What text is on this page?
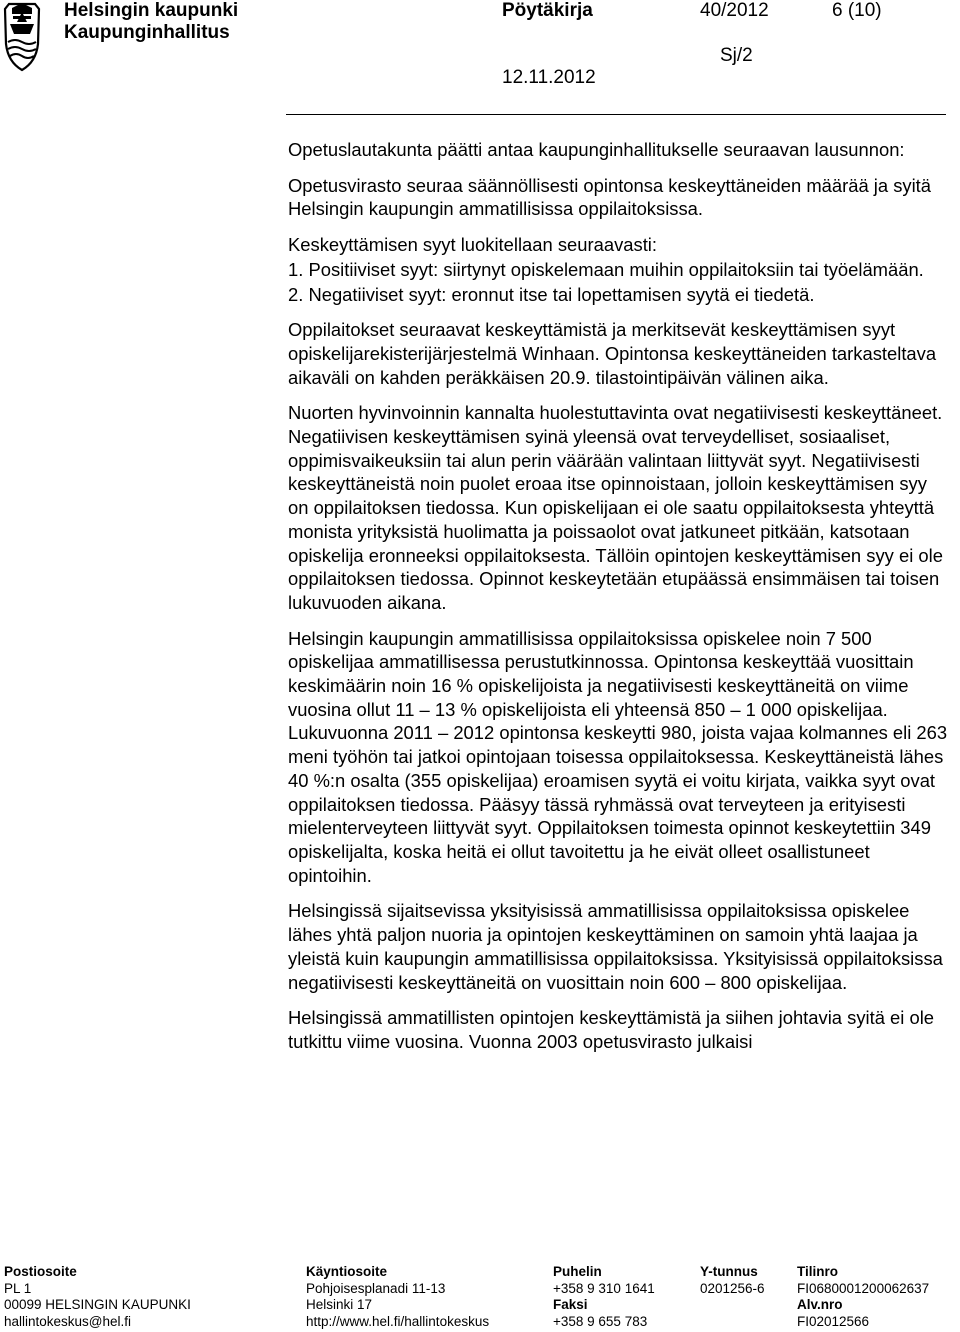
Helsingin kaupunki
Kaupunginhallitus
Pöytäkirja	40/2012	6 (10)
Sj/2
12.11.2012

Opetuslautakunta päätti antaa kaupunginhallitukselle seuraavan lausunnon:

Opetusvirasto seuraa säännöllisesti opintonsa keskeyttäneiden määrää ja syitä Helsingin kaupungin ammatillisissa oppilaitoksissa.

Keskeyttämisen syyt luokitellaan seuraavasti:

1. Positiiviset syyt: siirtynyt opiskelemaan muihin oppilaitoksiin tai työelämään.

2. Negatiiviset syyt: eronnut itse tai lopettamisen syytä ei tiedetä.

Oppilaitokset seuraavat keskeyttämistä ja merkitsevät keskeyttämisen syyt opiskelijarekisterijärjestelmä Winhaan. Opintonsa keskeyttäneiden tarkasteltava aikaväli on kahden peräkkäisen 20.9. tilastointipäivän välinen aika.

Nuorten hyvinvoinnin kannalta huolestuttavinta ovat negatiivisesti keskeyttäneet. Negatiivisen keskeyttämisen syinä yleensä ovat terveydelliset, sosiaaliset, oppimisvaikeuksiin tai alun perin väärään valintaan liittyvät syyt. Negatiivisesti keskeyttäneistä noin puolet eroaa itse opinnoistaan, jolloin keskeyttämisen syy on oppilaitoksen tiedossa. Kun opiskelijaan ei ole saatu oppilaitoksesta yhteyttä monista yrityksistä huolimatta ja poissaolot ovat jatkuneet pitkään, katsotaan opiskelija eronneeksi oppilaitoksesta. Tällöin opintojen keskeyttämisen syy ei ole oppilaitoksen tiedossa. Opinnot keskeytetään etupäässä ensimmäisen tai toisen lukuvuoden aikana.

Helsingin kaupungin ammatillisissa oppilaitoksissa opiskelee noin 7 500 opiskelijaa ammatillisessa perustutkinnossa. Opintonsa keskeyttää vuosittain keskimäärin noin 16 % opiskelijoista ja negatiivisesti keskeyttäneitä on viime vuosina ollut 11 – 13 % opiskelijoista eli yhteensä 850 – 1 000 opiskelijaa. Lukuvuonna 2011 – 2012 opintonsa keskeytti 980, joista vajaa kolmannes eli 263 meni työhön tai jatkoi opintojaan toisessa oppilaitoksessa. Keskeyttäneistä lähes 40 %:n osalta (355 opiskelijaa) eroamisen syytä ei voitu kirjata, vaikka syyt ovat oppilaitoksen tiedossa. Pääsyy tässä ryhmässä ovat terveyteen ja erityisesti mielenterveyteen liittyvät syyt. Oppilaitoksen toimesta opinnot keskeytettiin 349 opiskelijalta, koska heitä ei ollut tavoitettu ja he eivät olleet osallistuneet opintoihin.

Helsingissä sijaitsevissa yksityisissä ammatillisissa oppilaitoksissa opiskelee lähes yhtä paljon nuoria ja opintojen keskeyttäminen on samoin yhtä laajaa ja yleistä kuin kaupungin ammatillisissa oppilaitoksissa. Yksityisissä oppilaitoksissa negatiivisesti keskeyttäneitä on vuosittain noin 600 – 800 opiskelijaa.

Helsingissä ammatillisten opintojen keskeyttämistä ja siihen johtavia syitä ei ole tutkittu viime vuosina. Vuonna 2003 opetusvirasto julkaisi

Postiosoite
PL 1
00099 HELSINGIN KAUPUNKI
hallintokeskus@hel.fi
Käyntiosoite
Pohjoisesplanadi 11-13
Helsinki 17
http://www.hel.fi/hallintokeskus
Puhelin
+358 9 310 1641
Faksi
+358 9 655 783
Y-tunnus
0201256-6
Tilinro
FI0680001200062637
Alv.nro
FI02012566
